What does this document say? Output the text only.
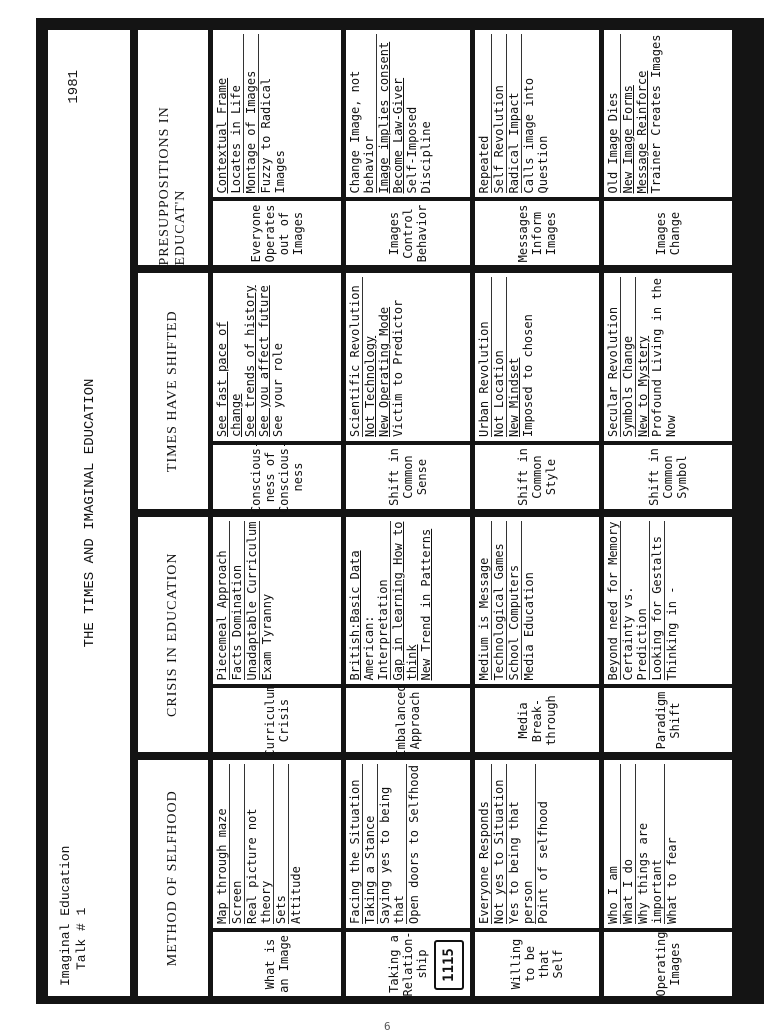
Imaginal Education Talk # 1
THE TIMES AND IMAGINAL EDUCATION
1981
METHOD OF SELFHOOD	What is an Image
Map through maze Screen Real picture not theory Sets Attitude
Taking a Relation-ship 1115
Facing the Situation Taking a Stance Saying yes to being that Open doors to Selfhood
Willing to be that Self
Everyone Responds Not yes to Situation Yes to being that person Point of selfhood
Operating Images
Who I am What I do Why things are important What to fear
CRISIS IN EDUCATION
Curriculum Crisis
Piecemeal Approach Facts Domination Unadaptable Curriculum Exam Tyranny
Imbalanced Approach
British:Basic Data American: Interpretation Gap in learning How to think New Trend in Patterns
Media Break-through
Medium is Message Technological Games School Computers Media Education
Paradigm Shift
Beyond need for Memory Certainty vs. Prediction Looking for Gestalts Thinking in -
TIMES HAVE SHIFTED
Conscious-ness of Conscious-ness
See fast pace of change See trends of history See you affect future See your role
Shift in Common Sense
Scientific Revolution Not Technology New Operating Mode Victim to Predictor
Shift in Common Style
Urban Revolution Not Location New Mindset Imposed to chosen
Shift in Common Symbol
Secular Revolution Symbols Change New to Mystery Profound Living in the Now
PRESUPPOSITIONS IN EDUCAT'N	Everyone Operates out of Images
Contextual Frame Locates in Life Montage of Images Fuzzy to Radical Images
Images Control Behavior
Change Image, not behavior Image implies consent Become Law-Giver Self-Imposed Discipline
Messages Inform Images
Repeated Self Revolution Radical Impact Calls image into Question
Images Change
Old Image Dies New Image Forms Message Reinforce Trainer Creates Images
6
